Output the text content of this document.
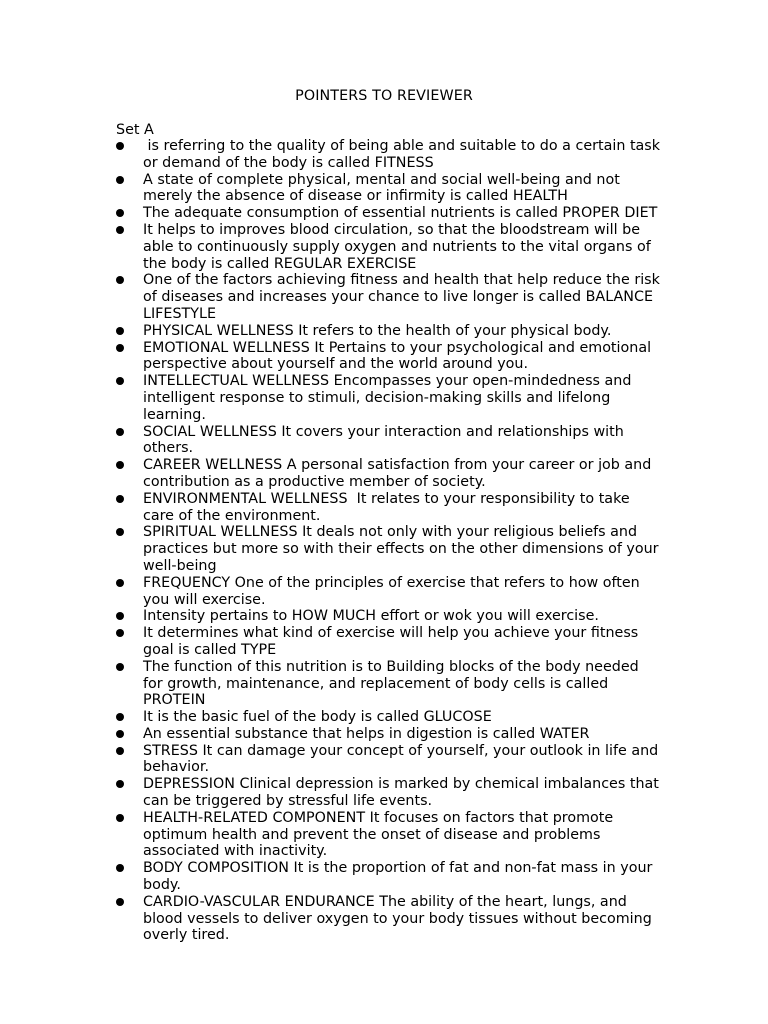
POINTERS TO REVIEWER
Set A
is referring to the quality of being able and suitable to do a certain task or demand of the body is called FITNESS
A state of complete physical, mental and social well-being and not merely the absence of disease or infirmity is called HEALTH
The adequate consumption of essential nutrients is called PROPER DIET
It helps to improves blood circulation, so that the bloodstream will be able to continuously supply oxygen and nutrients to the vital organs of the body is called REGULAR EXERCISE
One of the factors achieving fitness and health that help reduce the risk of diseases and increases your chance to live longer is called BALANCE LIFESTYLE
PHYSICAL WELLNESS It refers to the health of your physical body.
EMOTIONAL WELLNESS It Pertains to your psychological and emotional perspective about yourself and the world around you.
INTELLECTUAL WELLNESS Encompasses your open-mindedness and intelligent response to stimuli, decision-making skills and lifelong learning.
SOCIAL WELLNESS It covers your interaction and relationships with others.
CAREER WELLNESS A personal satisfaction from your career or job and contribution as a productive member of society.
ENVIRONMENTAL WELLNESS  It relates to your responsibility to take care of the environment.
SPIRITUAL WELLNESS It deals not only with your religious beliefs and practices but more so with their effects on the other dimensions of your well-being
FREQUENCY One of the principles of exercise that refers to how often you will exercise.
Intensity pertains to HOW MUCH effort or wok you will exercise.
It determines what kind of exercise will help you achieve your fitness goal is called TYPE
The function of this nutrition is to Building blocks of the body needed for growth, maintenance, and replacement of body cells is called PROTEIN
It is the basic fuel of the body is called GLUCOSE
An essential substance that helps in digestion is called WATER
STRESS It can damage your concept of yourself, your outlook in life and behavior.
DEPRESSION Clinical depression is marked by chemical imbalances that can be triggered by stressful life events.
HEALTH-RELATED COMPONENT It focuses on factors that promote optimum health and prevent the onset of disease and problems associated with inactivity.
BODY COMPOSITION It is the proportion of fat and non-fat mass in your body.
CARDIO-VASCULAR ENDURANCE The ability of the heart, lungs, and blood vessels to deliver oxygen to your body tissues without becoming overly tired.
